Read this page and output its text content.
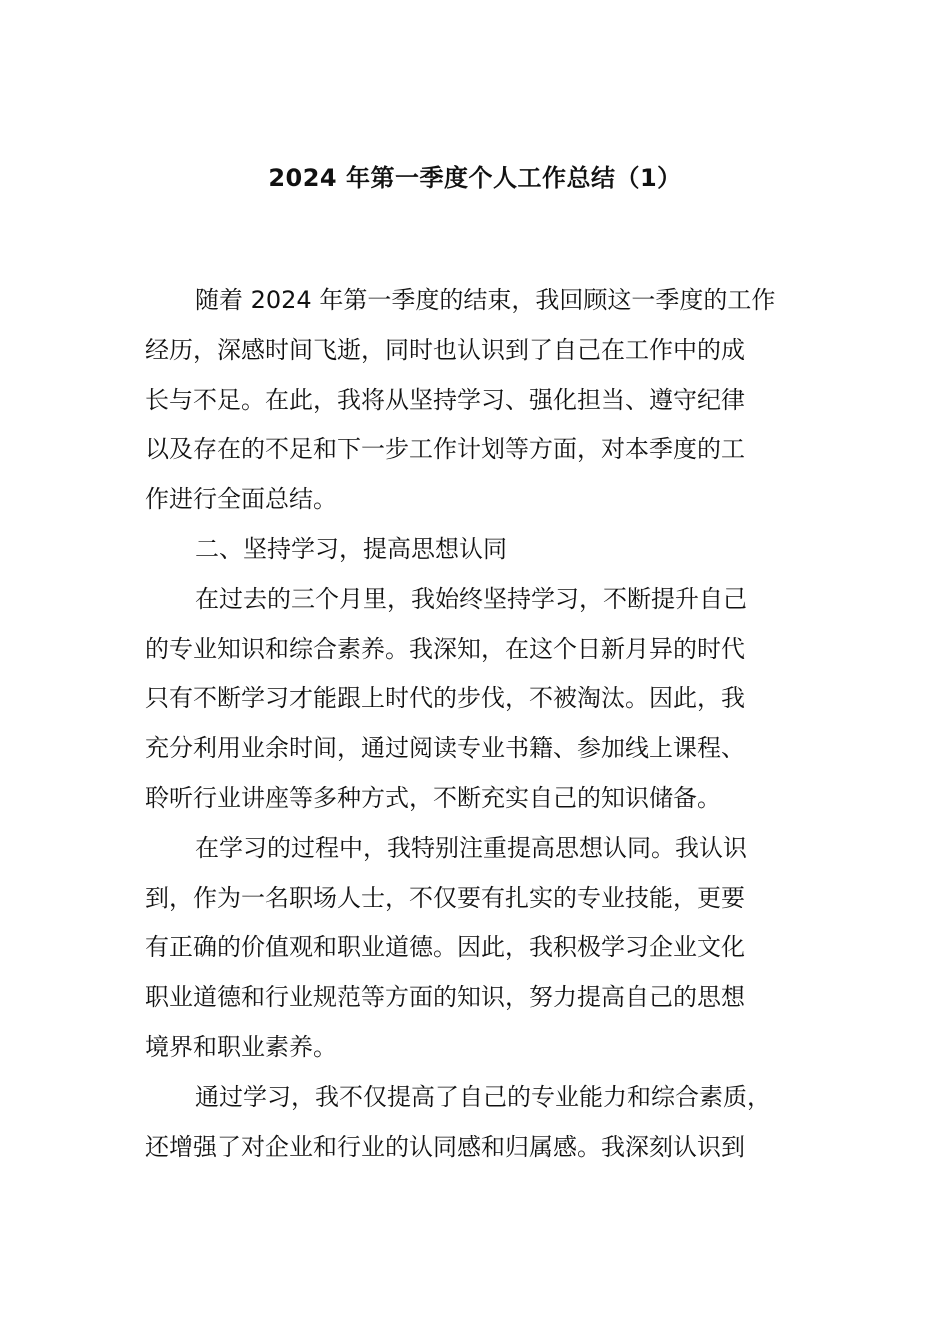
2024 年第一季度个人工作总结（1）
随着 2024 年第一季度的结束，我回顾这一季度的工作
经历，深感时间飞逝，同时也认识到了自己在工作中的成
长与不足。在此，我将从坚持学习、强化担当、遵守纪律
以及存在的不足和下一步工作计划等方面，对本季度的工
作进行全面总结。
二、坚持学习，提高思想认同
在过去的三个月里，我始终坚持学习，不断提升自己
的专业知识和综合素养。我深知，在这个日新月异的时代
只有不断学习才能跟上时代的步伐，不被淘汰。因此，我
充分利用业余时间，通过阅读专业书籍、参加线上课程、
聆听行业讲座等多种方式，不断充实自己的知识储备。
在学习的过程中，我特别注重提高思想认同。我认识
到，作为一名职场人士，不仅要有扎实的专业技能，更要
有正确的价值观和职业道德。因此，我积极学习企业文化
职业道德和行业规范等方面的知识，努力提高自己的思想
境界和职业素养。
通过学习，我不仅提高了自己的专业能力和综合素质，
还增强了对企业和行业的认同感和归属感。我深刻认识到
